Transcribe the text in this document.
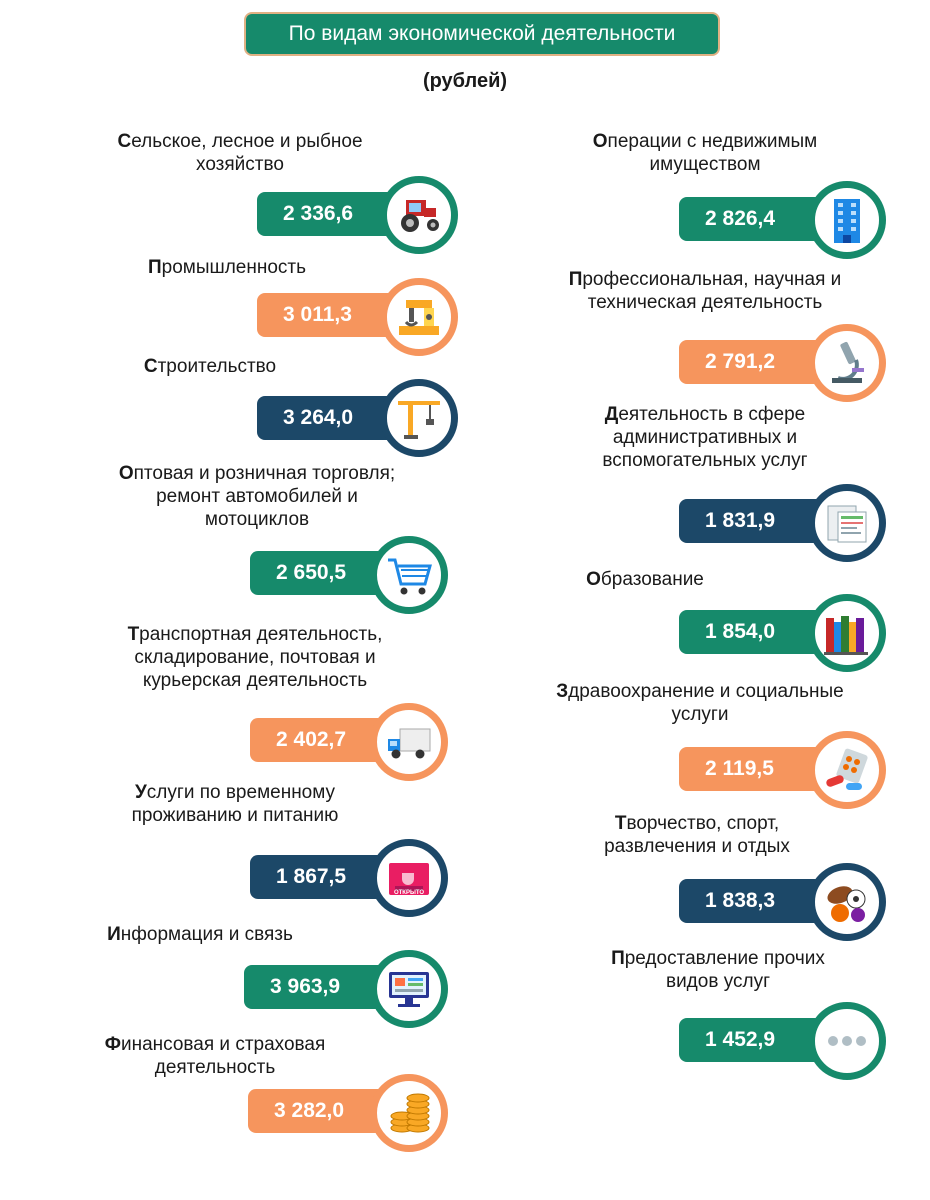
По видам экономической деятельности
(рублей)
Сельское, лесное и рыбное
хозяйство
2 336,6
Промышленность
3 011,3
Строительство
3 264,0
Оптовая и розничная торговля;
ремонт автомобилей и
мотоциклов
2 650,5
Транспортная деятельность,
складирование, почтовая и
курьерская деятельность
2 402,7
Услуги по временному
проживанию и питанию
1 867,5
ОТКРЫТО
Информация и связь
3 963,9
Финансовая и страховая
деятельность
3 282,0
Операции с недвижимым
имуществом
2 826,4
Профессиональная, научная и
техническая деятельность
2 791,2
Деятельность в сфере
административных и
вспомогательных услуг
1 831,9
Образование
1 854,0
Здравоохранение и социальные
услуги
2 119,5
Творчество, спорт,
развлечения и отдых
1 838,3
Предоставление прочих
видов услуг
1 452,9
